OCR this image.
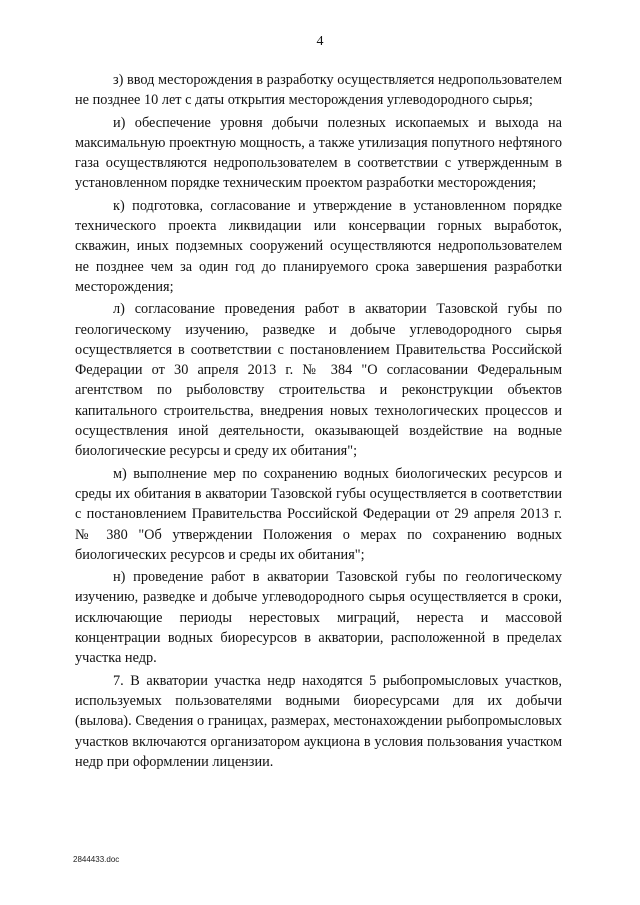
4

з) ввод месторождения в разработку осуществляется недропользователем не позднее 10 лет с даты открытия месторождения углеводородного сырья;

и) обеспечение уровня добычи полезных ископаемых и выхода на максимальную проектную мощность, а также утилизация попутного нефтяного газа осуществляются недропользователем в соответствии с утвержденным в установленном порядке техническим проектом разработки месторождения;

к) подготовка, согласование и утверждение в установленном порядке технического проекта ликвидации или консервации горных выработок, скважин, иных подземных сооружений осуществляются недропользователем не позднее чем за один год до планируемого срока завершения разработки месторождения;

л) согласование проведения работ в акватории Тазовской губы по геологическому изучению, разведке и добыче углеводородного сырья осуществляется в соответствии с постановлением Правительства Российской Федерации от 30 апреля 2013 г. № 384 "О согласовании Федеральным агентством по рыболовству строительства и реконструкции объектов капитального строительства, внедрения новых технологических процессов и осуществления иной деятельности, оказывающей воздействие на водные биологические ресурсы и среду их обитания";

м) выполнение мер по сохранению водных биологических ресурсов и среды их обитания в акватории Тазовской губы осуществляется в соответствии с постановлением Правительства Российской Федерации от 29 апреля 2013 г. № 380 "Об утверждении Положения о мерах по сохранению водных биологических ресурсов и среды их обитания";

н) проведение работ в акватории Тазовской губы по геологическому изучению, разведке и добыче углеводородного сырья осуществляется в сроки, исключающие периоды нерестовых миграций, нереста и массовой концентрации водных биоресурсов в акватории, расположенной в пределах участка недр.

7. В акватории участка недр находятся 5 рыбопромысловых участков, используемых пользователями водными биоресурсами для их добычи (вылова). Сведения о границах, размерах, местонахождении рыбопромысловых участков включаются организатором аукциона в условия пользования участком недр при оформлении лицензии.

2844433.doc
